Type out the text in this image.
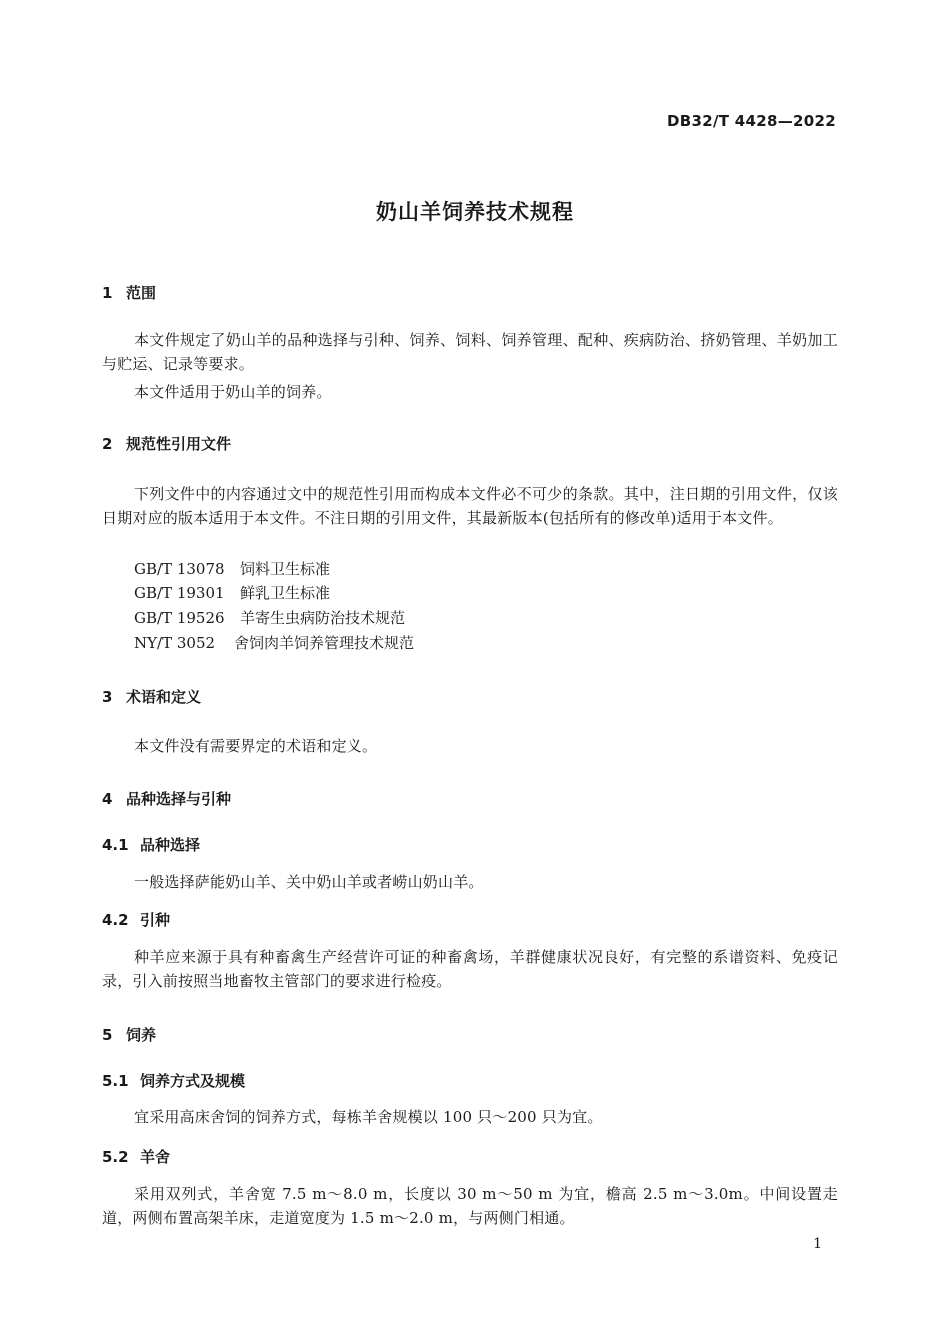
DB32/T 4428—2022
奶山羊饲养技术规程
1 范围
本文件规定了奶山羊的品种选择与引种、饲养、饲料、饲养管理、配种、疾病防治、挤奶管理、羊奶加工与贮运、记录等要求。
本文件适用于奶山羊的饲养。
2 规范性引用文件
下列文件中的内容通过文中的规范性引用而构成本文件必不可少的条款。其中，注日期的引用文件，仅该日期对应的版本适用于本文件。不注日期的引用文件，其最新版本(包括所有的修改单)适用于本文件。
GB/T 13078 饲料卫生标准
GB/T 19301 鲜乳卫生标准
GB/T 19526 羊寄生虫病防治技术规范
NY/T 3052 舍饲肉羊饲养管理技术规范
3 术语和定义
本文件没有需要界定的术语和定义。
4 品种选择与引种
4.1 品种选择
一般选择萨能奶山羊、关中奶山羊或者崂山奶山羊。
4.2 引种
种羊应来源于具有种畜禽生产经营许可证的种畜禽场，羊群健康状况良好，有完整的系谱资料、免疫记录，引入前按照当地畜牧主管部门的要求进行检疫。
5 饲养
5.1 饲养方式及规模
宜采用高床舍饲的饲养方式，每栋羊舍规模以 100 只～200 只为宜。
5.2 羊舍
采用双列式，羊舍宽 7.5 m～8.0 m，长度以 30 m～50 m 为宜，檐高 2.5 m～3.0m。中间设置走道，两侧布置高架羊床，走道宽度为 1.5 m～2.0 m，与两侧门相通。
1
